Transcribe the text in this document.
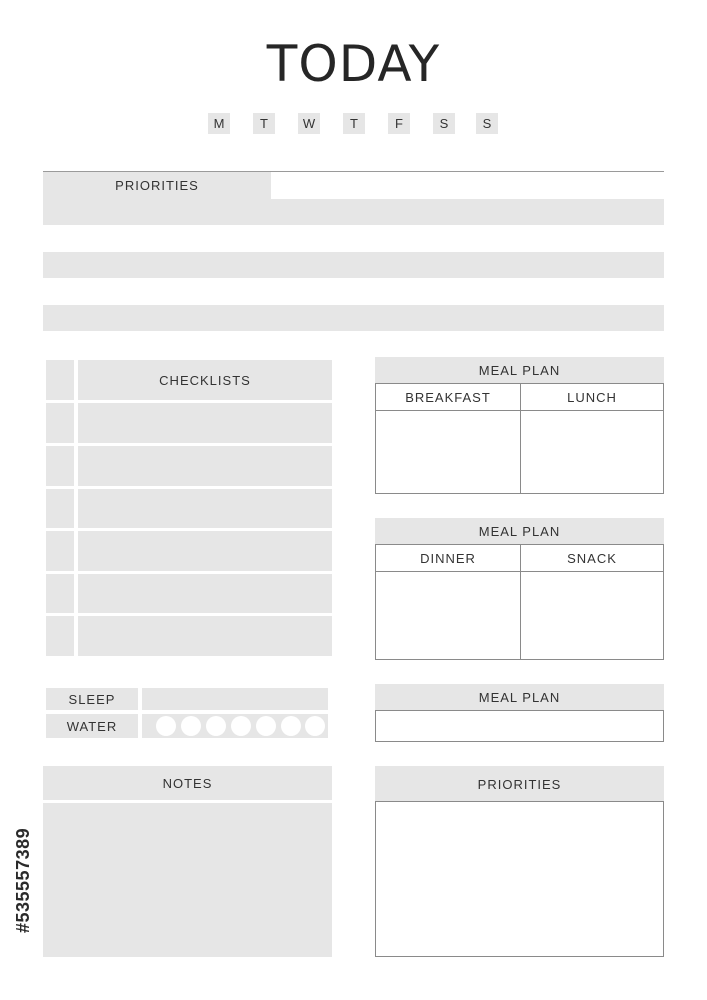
TODAY
M	T	W	T	F	S	S
PRIORITIES
CHECKLISTS
MEAL PLAN
BREAKFAST	LUNCH
MEAL PLAN
DINNER	SNACK
SLEEP
WATER
MEAL PLAN
NOTES	PRIORITIES
#535557389
